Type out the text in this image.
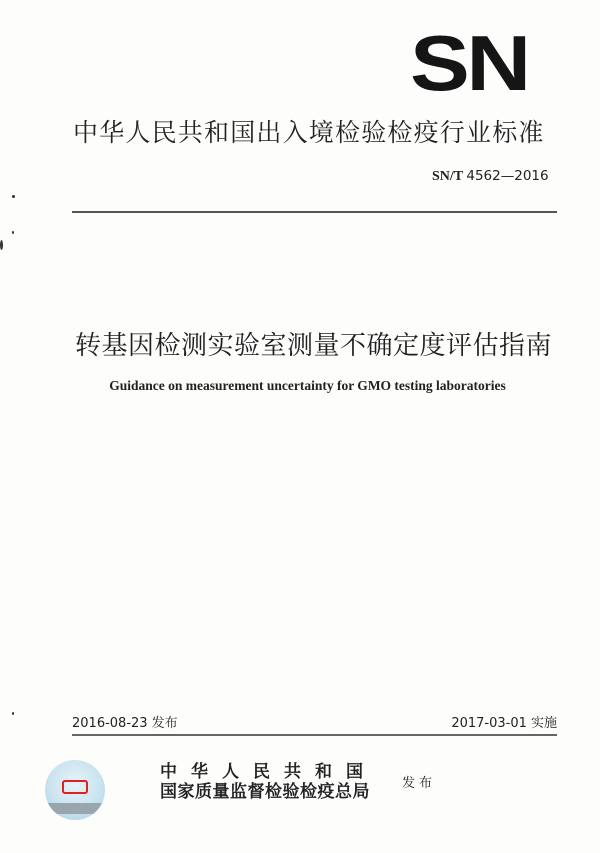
SN
中华人民共和国出入境检验检疫行业标准
SN/T 4562—2016
转基因检测实验室测量不确定度评估指南
Guidance on measurement uncertainty for GMO testing laboratories
2016-08-23 发布	2017-03-01 实施
中华人民共和国
国家质量监督检验检疫总局	发布
